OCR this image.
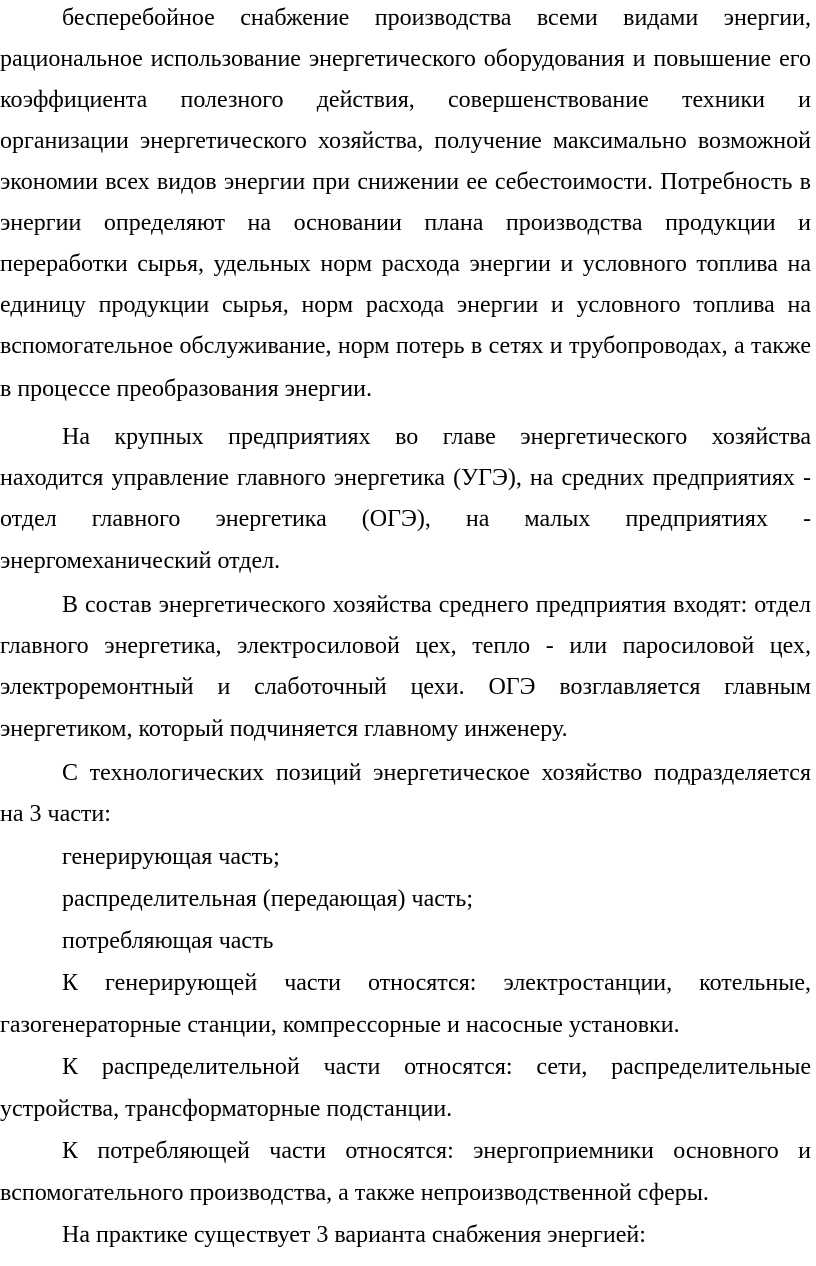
бесперебойное снабжение производства всеми видами энергии,
рациональное использование энергетического оборудования и повышение его
коэффициента полезного действия, совершенствование техники и
организации энергетического хозяйства, получение максимально возможной
экономии всех видов энергии при снижении ее себестоимости. Потребность в
энергии определяют на основании плана производства продукции и
переработки сырья, удельных норм расхода энергии и условного топлива на
единицу продукции сырья, норм расхода энергии и условного топлива на
вспомогательное обслуживание, норм потерь в сетях и трубопроводах, а также
в процессе преобразования энергии.
На крупных предприятиях во главе энергетического хозяйства
находится управление главного энергетика (УГЭ), на средних предприятиях -
отдел главного энергетика (ОГЭ), на малых предприятиях -
энергомеханический отдел.
В состав энергетического хозяйства среднего предприятия входят: отдел
главного энергетика, электросиловой цех, тепло - или паросиловой цех,
электроремонтный и слаботочный цехи. ОГЭ возглавляется главным
энергетиком, который подчиняется главному инженеру.
С технологических позиций энергетическое хозяйство подразделяется
на 3 части:
генерирующая часть;
распределительная (передающая) часть;
потребляющая часть
К генерирующей части относятся: электростанции, котельные,
газогенераторные станции, компрессорные и насосные установки.
К распределительной части относятся: сети, распределительные
устройства, трансформаторные подстанции.
К потребляющей части относятся: энергоприемники основного и
вспомогательного производства, а также непроизводственной сферы.
На практике существует 3 варианта снабжения энергией:
